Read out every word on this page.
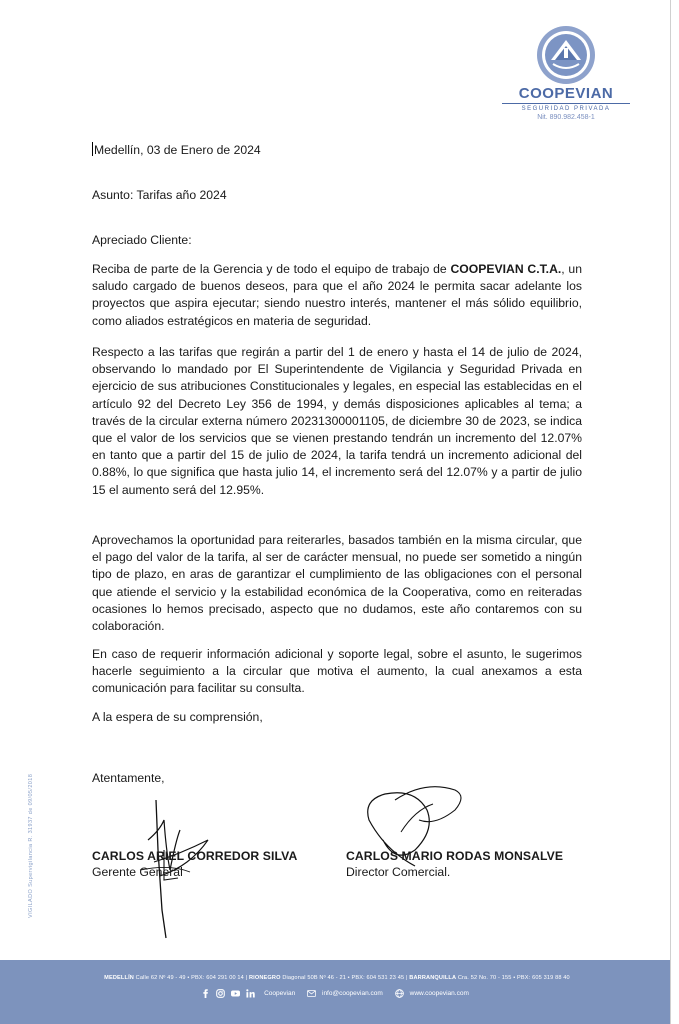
COOPEVIAN
SEGURIDAD PRIVADA
Nit. 890.982.458-1
Medellín, 03 de Enero de 2024
Asunto: Tarifas año 2024
Apreciado Cliente:

Reciba de parte de la Gerencia y de todo el equipo de trabajo de COOPEVIAN C.T.A., un saludo cargado de buenos deseos, para que el año 2024 le permita sacar adelante los proyectos que aspira ejecutar; siendo nuestro interés, mantener el más sólido equilibrio, como aliados estratégicos en materia de seguridad.

Respecto a las tarifas que regirán a partir del 1 de enero y hasta el 14 de julio de 2024, observando lo mandado por El Superintendente de Vigilancia y Seguridad Privada en ejercicio de sus atribuciones Constitucionales y legales, en especial las establecidas en el artículo 92 del Decreto Ley 356 de 1994, y demás disposiciones aplicables al tema; a través de la circular externa número 20231300001105, de diciembre 30 de 2023, se indica que el valor de los servicios que se vienen prestando tendrán un incremento del 12.07% en tanto que a partir del 15 de julio de 2024, la tarifa tendrá un incremento adicional del 0.88%, lo que significa que hasta julio 14, el incremento será del 12.07% y a partir de julio 15 el aumento será del 12.95%.

Aprovechamos la oportunidad para reiterarles, basados también en la misma circular, que el pago del valor de la tarifa, al ser de carácter mensual, no puede ser sometido a ningún tipo de plazo, en aras de garantizar el cumplimiento de las obligaciones con el personal que atiende el servicio y la estabilidad económica de la Cooperativa, como en reiteradas ocasiones lo hemos precisado, aspecto que no dudamos, este año contaremos con su colaboración.

En caso de requerir información adicional y soporte legal, sobre el asunto, le sugerimos hacerle seguimiento a la circular que motiva el aumento, la cual anexamos a esta comunicación para facilitar su consulta.

A la espera de su comprensión,
Atentamente,
CARLOS ARIEL CORREDOR SILVA
Gerente General
CARLOS MARIO RODAS MONSALVE
Director Comercial.
VIGILADO Supervigilancia R. 31937 de 09/05/2018
MEDELLÍN Calle 62 Nº 49 - 49 • PBX: 604 291 00 14 | RIONEGRO Diagonal 50B Nº 46 - 21 • PBX: 604 531 23 45 | BARRANQUILLA Cra. 52 No. 70 - 155 • PBX: 605 319 88 40
Coopevian
	info@coopevian.com
	www.coopevian.com
